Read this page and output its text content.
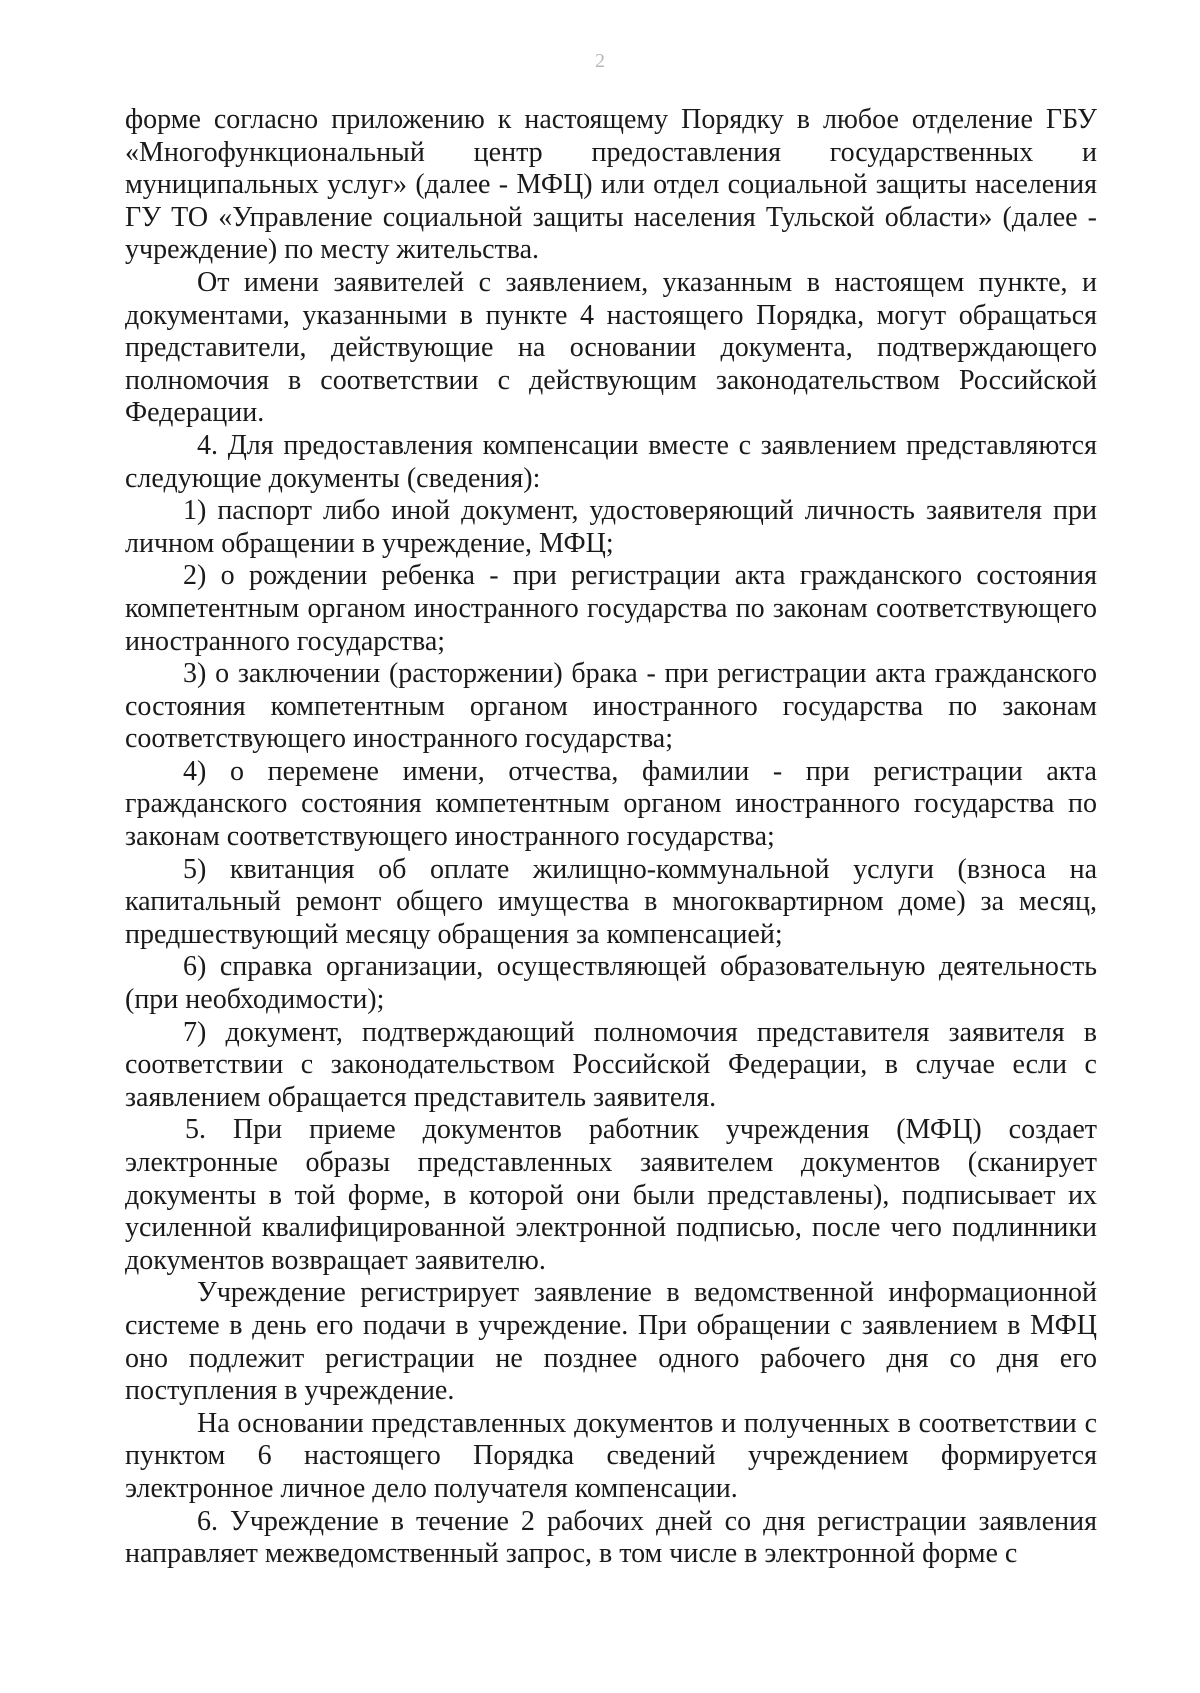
2

форме согласно приложению к настоящему Порядку в любое отделение ГБУ «Многофункциональный центр предоставления государственных и муниципальных услуг» (далее - МФЦ) или отдел социальной защиты населения ГУ ТО «Управление социальной защиты населения Тульской области» (далее - учреждение) по месту жительства.

От имени заявителей с заявлением, указанным в настоящем пункте, и документами, указанными в пункте 4 настоящего Порядка, могут обращаться представители, действующие на основании документа, подтверждающего полномочия в соответствии с действующим законодательством Российской Федерации.

4. Для предоставления компенсации вместе с заявлением представляются следующие документы (сведения):

1) паспорт либо иной документ, удостоверяющий личность заявителя при личном обращении в учреждение, МФЦ;

2) о рождении ребенка - при регистрации акта гражданского состояния компетентным органом иностранного государства по законам соответствующего иностранного государства;

3) о заключении (расторжении) брака - при регистрации акта гражданского состояния компетентным органом иностранного государства по законам соответствующего иностранного государства;

4) о перемене имени, отчества, фамилии - при регистрации акта гражданского состояния компетентным органом иностранного государства по законам соответствующего иностранного государства;

5) квитанция об оплате жилищно-коммунальной услуги (взноса на капитальный ремонт общего имущества в многоквартирном доме) за месяц, предшествующий месяцу обращения за компенсацией;

6) справка организации, осуществляющей образовательную деятельность (при необходимости);

7) документ, подтверждающий полномочия представителя заявителя в соответствии с законодательством Российской Федерации, в случае если с заявлением обращается представитель заявителя.

5. При приеме документов работник учреждения (МФЦ) создает электронные образы представленных заявителем документов (сканирует документы в той форме, в которой они были представлены), подписывает их усиленной квалифицированной электронной подписью, после чего подлинники документов возвращает заявителю.

Учреждение регистрирует заявление в ведомственной информационной системе в день его подачи в учреждение. При обращении с заявлением в МФЦ оно подлежит регистрации не позднее одного рабочего дня со дня его поступления в учреждение.

На основании представленных документов и полученных в соответствии с пунктом 6 настоящего Порядка сведений учреждением формируется электронное личное дело получателя компенсации.

6. Учреждение в течение 2 рабочих дней со дня регистрации заявления направляет межведомственный запрос, в том числе в электронной форме с
